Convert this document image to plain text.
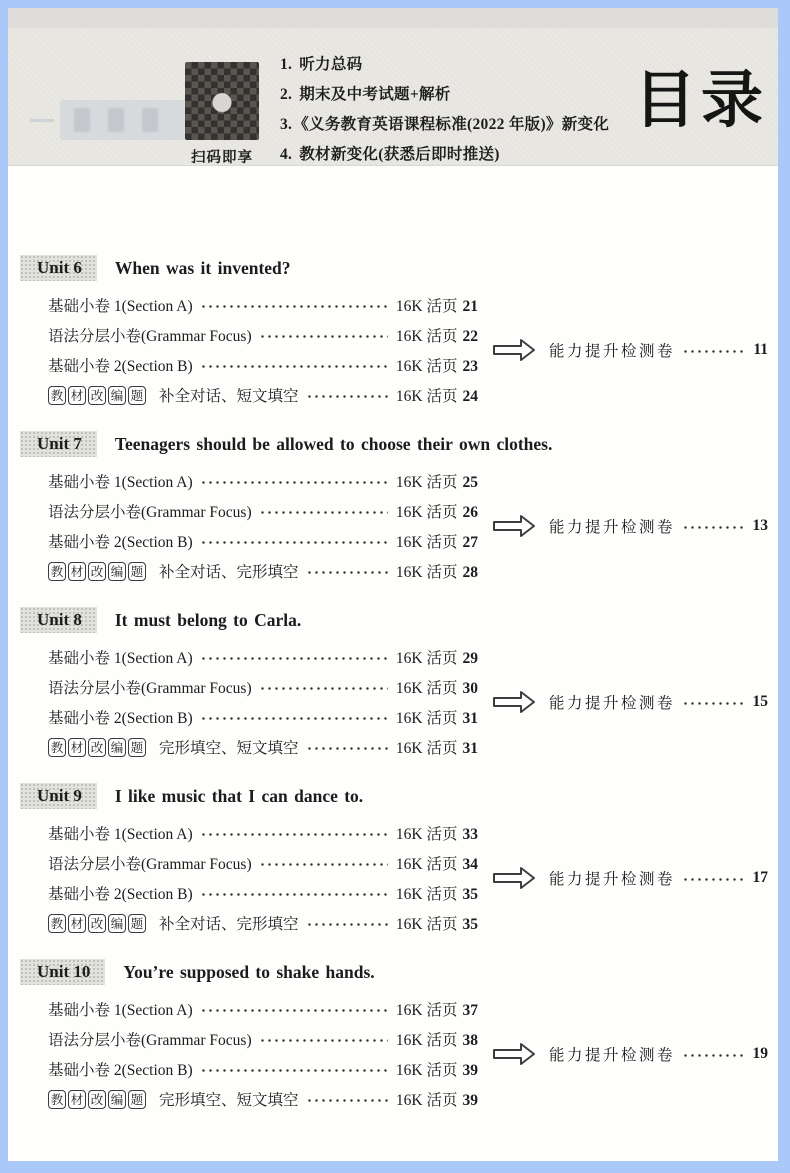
扫码即享
1. 听力总码
2. 期末及中考试题+解析
3. 《义务教育英语课程标准(2022 年版)》新变化
4. 教材新变化(获悉后即时推送)
目录
Unit 6	When was it invented?
基础小卷 1(Section A)	16K 活页 21
语法分层小卷(Grammar Focus)	16K 活页 22
基础小卷 2(Section B)	16K 活页 23
教 材 改 编 题 补全对话、短文填空	16K 活页 24
能力提升检测卷	11
Unit 7	Teenagers should be allowed to choose their own clothes.
基础小卷 1(Section A)	16K 活页 25
语法分层小卷(Grammar Focus)	16K 活页 26
基础小卷 2(Section B)	16K 活页 27
教 材 改 编 题 补全对话、完形填空	16K 活页 28
能力提升检测卷	13
Unit 8	It must belong to Carla.
基础小卷 1(Section A)	16K 活页 29
语法分层小卷(Grammar Focus)	16K 活页 30
基础小卷 2(Section B)	16K 活页 31
教 材 改 编 题 完形填空、短文填空	16K 活页 31
能力提升检测卷	15
Unit 9	I like music that I can dance to.
基础小卷 1(Section A)	16K 活页 33
语法分层小卷(Grammar Focus)	16K 活页 34
基础小卷 2(Section B)	16K 活页 35
教 材 改 编 题 补全对话、完形填空	16K 活页 35
能力提升检测卷	17
Unit 10	You’re supposed to shake hands.
基础小卷 1(Section A)	16K 活页 37
语法分层小卷(Grammar Focus)	16K 活页 38
基础小卷 2(Section B)	16K 活页 39
教 材 改 编 题 完形填空、短文填空	16K 活页 39
能力提升检测卷	19
